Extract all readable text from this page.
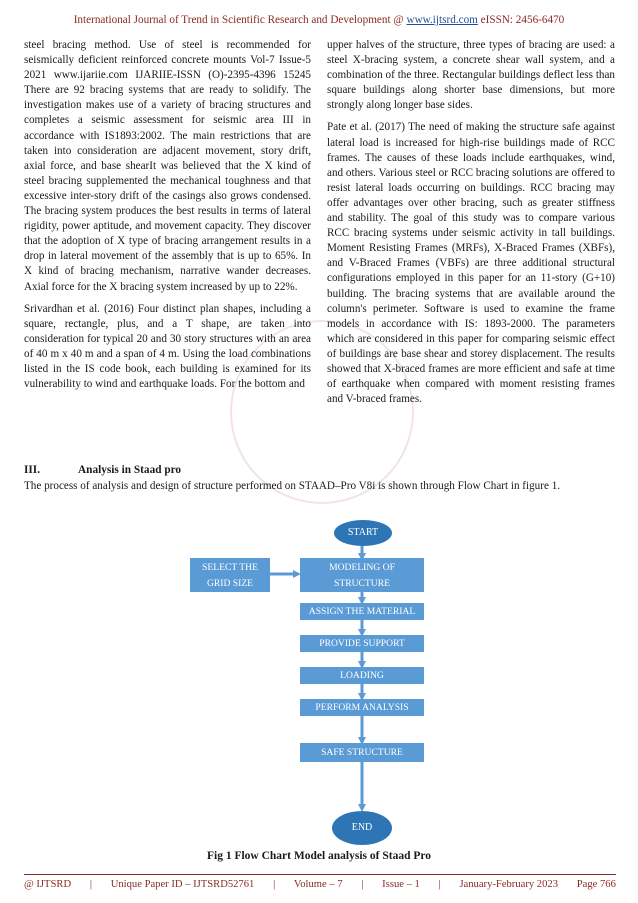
International Journal of Trend in Scientific Research and Development @ www.ijtsrd.com eISSN: 2456-6470

steel bracing method. Use of steel is recommended for seismically deficient reinforced concrete mounts Vol-7 Issue-5 2021 www.ijariie.com IJARIIE-ISSN (O)-2395-4396 15245 There are 92 bracing systems that are ready to solidify. The investigation makes use of a variety of bracing structures and completes a seismic assessment for seismic area III in accordance with IS1893:2002. The main restrictions that are taken into consideration are adjacent movement, story drift, axial force, and base shearIt was believed that the X kind of steel bracing supplemented the mechanical toughness and that excessive inter-story drift of the casings also grows condensed. The bracing system produces the best results in terms of lateral rigidity, power aptitude, and movement capacity. They discover that the adoption of X type of bracing arrangement results in a drop in lateral movement of the assembly that is up to 65%. In X kind of bracing mechanism, narrative wander decreases. Axial force for the X bracing system increased by up to 22%.

Srivardhan et al. (2016) Four distinct plan shapes, including a square, rectangle, plus, and a T shape, are taken into consideration for typical 20 and 30 story structures with an area of 40 m x 40 m and a span of 4 m. Using the load combinations listed in the IS code book, each building is examined for its vulnerability to wind and earthquake loads. For the bottom and

upper halves of the structure, three types of bracing are used: a steel X-bracing system, a concrete shear wall system, and a combination of the three. Rectangular buildings deflect less than square buildings along shorter base dimensions, but more strongly along longer base sides.

Pate et al. (2017) The need of making the structure safe against lateral load is increased for high-rise buildings made of RCC frames. The causes of these loads include earthquakes, wind, and others. Various steel or RCC bracing solutions are offered to resist lateral loads occurring on buildings. RCC bracing may offer advantages over other bracing, such as greater stiffness and stability. The goal of this study was to compare various RCC bracing systems under seismic activity in tall buildings. Moment Resisting Frames (MRFs), X-Braced Frames (XBFs), and V-Braced Frames (VBFs) are three additional structural configurations employed in this paper for an 11-story (G+10) building. The bracing systems that are available around the column's perimeter. Software is used to examine the frame models in accordance with IS: 1893-2000. The parameters which are considered in this paper for comparing seismic effect of buildings are base shear and storey displacement. The results showed that X-braced frames are more efficient and safe at time of earthquake when compared with moment resisting frames and V-braced frames.

III.	Analysis in Staad pro
The process of analysis and design of structure performed on STAAD–Pro V8i is shown through Flow Chart in figure 1.
START
SELECT THE
GRID SIZE
MODELING OF
STRUCTURE
ASSIGN THE MATERIAL
PROVIDE SUPPORT
LOADING
PERFORM ANALYSIS
SAFE STRUCTURE
END
Fig 1 Flow Chart Model analysis of Staad Pro
@ IJTSRD | Unique Paper ID – IJTSRD52761 | Volume – 7 | Issue – 1 | January-February 2023 Page 766
